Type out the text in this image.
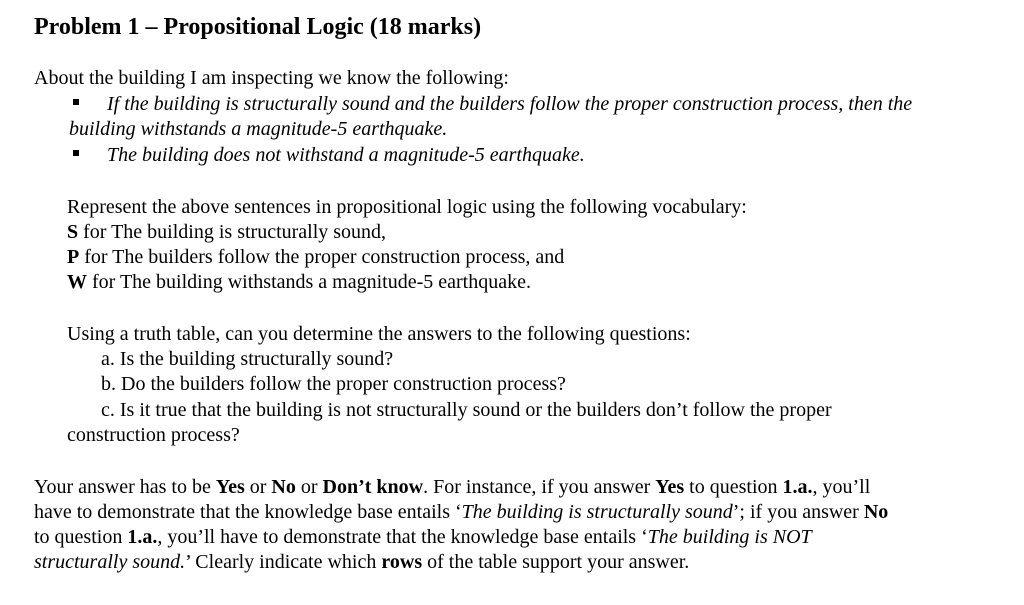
Problem 1 – Propositional Logic (18 marks)
About the building I am inspecting we know the following:
If the building is structurally sound and the builders follow the proper construction process, then the
building withstands a magnitude-5 earthquake.
The building does not withstand a magnitude-5 earthquake.
Represent the above sentences in propositional logic using the following vocabulary:
S for The building is structurally sound,
P for The builders follow the proper construction process, and
W for The building withstands a magnitude-5 earthquake.
Using a truth table, can you determine the answers to the following questions:
a. Is the building structurally sound?
b. Do the builders follow the proper construction process?
c. Is it true that the building is not structurally sound or the builders don’t follow the proper
construction process?
Your answer has to be Yes or No or Don’t know. For instance, if you answer Yes to question 1.a., you’ll
have to demonstrate that the knowledge base entails ‘The building is structurally sound’; if you answer No
to question 1.a., you’ll have to demonstrate that the knowledge base entails ‘The building is NOT
structurally sound.’ Clearly indicate which rows of the table support your answer.
